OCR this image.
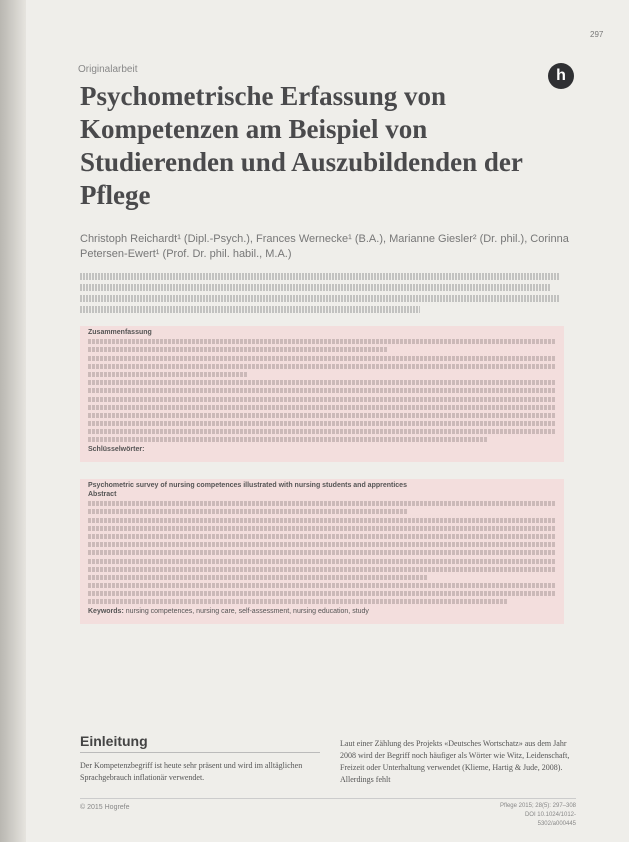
297
Originalarbeit	h
Psychometrische Erfassung von Kompetenzen am Beispiel von Studierenden und Auszubildenden der Pflege

Christoph Reichardt¹ (Dipl.-Psych.), Frances Wernecke¹ (B.A.), Marianne Giesler² (Dr. phil.), Corinna Petersen-Ewert¹ (Prof. Dr. phil. habil., M.A.)

Zusammenfassung
Schlüsselwörter:
Psychometric survey of nursing competences illustrated with nursing students and apprentices
Abstract
Keywords: nursing competences, nursing care, self-assessment, nursing education, study
Einleitung

Der Kompetenzbegriff ist heute sehr präsent und wird im alltäglichen Sprachgebrauch inflationär verwendet.

Laut einer Zählung des Projekts «Deutsches Wortschatz» aus dem Jahr 2008 wird der Begriff noch häufiger als Wörter wie Witz, Leidenschaft, Freizeit oder Unterhaltung verwendet (Klieme, Hartig & Jude, 2008). Allerdings fehlt

© 2015 Hogrefe	Pflege 2015; 28(5): 297–308
DOI 10.1024/1012-5302/a000445
